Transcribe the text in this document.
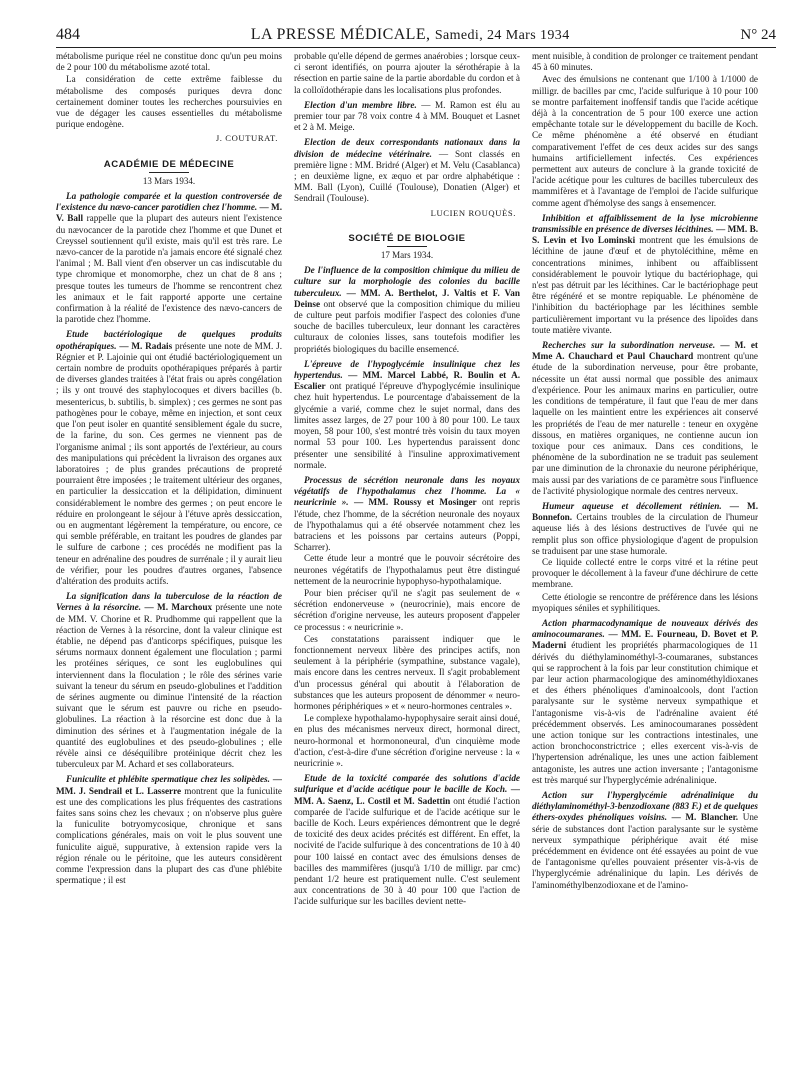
484	LA PRESSE MÉDICALE, Samedi, 24 Mars 1934	N° 24

métabolisme purique réel ne constitue donc qu'un peu moins de 2 pour 100 du métabolisme azoté total.

La considération de cette extrême faiblesse du métabolisme des composés puriques devra donc certainement dominer toutes les recherches poursuivies en vue de dégager les causes essentielles du métabolisme purique endogène.

J. COUTURAT.
ACADÉMIE DE MÉDECINE
13 Mars 1934.

La pathologie comparée et la question controversée de l'existence du nævo-cancer parotidien chez l'homme. — M. V. Ball rappelle que la plupart des auteurs nient l'existence du nævocancer de la parotide chez l'homme et que Dunet et Creyssel soutiennent qu'il existe, mais qu'il est très rare. Le nævo-cancer de la parotide n'a jamais encore été signalé chez l'animal ; M. Ball vient d'en observer un cas indiscutable du type chromique et monomorphe, chez un chat de 8 ans ; presque toutes les tumeurs de l'homme se rencontrent chez les animaux et le fait rapporté apporte une certaine confirmation à la réalité de l'existence des nævo-cancers de la parotide chez l'homme.

Etude bactériologique de quelques produits opothérapiques. — M. Radais présente une note de MM. J. Régnier et P. Lajoinie qui ont étudié bactériologiquement un certain nombre de produits opothérapiques préparés à partir de diverses glandes traitées à l'état frais ou après congélation ; ils y ont trouvé des staphylocoques et divers bacilles (b. mesentericus, b. subtilis, b. simplex) ; ces germes ne sont pas pathogènes pour le cobaye, même en injection, et sont ceux que l'on peut isoler en quantité sensiblement égale du sucre, de la farine, du son. Ces germes ne viennent pas de l'organisme animal ; ils sont apportés de l'extérieur, au cours des manipulations qui précèdent la livraison des organes aux laboratoires ; de plus grandes précautions de propreté pourraient être imposées ; le traitement ultérieur des organes, en particulier la dessiccation et la délipidation, diminuent considérablement le nombre des germes ; on peut encore le réduire en prolongeant le séjour à l'étuve après dessiccation, ou en augmentant légèrement la température, ou encore, ce qui semble préférable, en traitant les poudres de glandes par le sulfure de carbone ; ces procédés ne modifient pas la teneur en adrénaline des poudres de surrénale ; il y aurait lieu de vérifier, pour les poudres d'autres organes, l'absence d'altération des produits actifs.

La signification dans la tuberculose de la réaction de Vernes à la résorcine. — M. Marchoux présente une note de MM. V. Chorine et R. Prudhomme qui rappellent que la réaction de Vernes à la résorcine, dont la valeur clinique est établie, ne dépend pas d'anticorps spécifiques, puisque les sérums normaux donnent également une floculation ; parmi les protéines sériques, ce sont les euglobulines qui interviennent dans la floculation ; le rôle des sérines varie suivant la teneur du sérum en pseudo-globulines et l'addition de sérines augmente ou diminue l'intensité de la réaction suivant que le sérum est pauvre ou riche en pseudo-globulines. La réaction à la résorcine est donc due à la diminution des sérines et à l'augmentation inégale de la quantité des euglobulines et des pseudo-globulines ; elle révèle ainsi ce déséquilibre protéinique décrit chez les tuberculeux par M. Achard et ses collaborateurs.

Funiculite et phlébite spermatique chez les solipèdes. — MM. J. Sendrail et L. Lasserre montrent que la funiculite est une des complications les plus fréquentes des castrations faites sans soins chez les chevaux ; on n'observe plus guère la funiculite botryomycosique, chronique et sans complications générales, mais on voit le plus souvent une funiculite aiguë, suppurative, à extension rapide vers la région rénale ou le péritoine, que les auteurs considèrent comme l'expression dans la plupart des cas d'une phlébite spermatique ; il est

probable qu'elle dépend de germes anaérobies ; lorsque ceux-ci seront identifiés, on pourra ajouter la sérothérapie à la résection en partie saine de la partie abordable du cordon et à la colloïdothérapie dans les localisations plus profondes.

Election d'un membre libre. — M. Ramon est élu au premier tour par 78 voix contre 4 à MM. Bouquet et Lasnet et 2 à M. Meige.

Election de deux correspondants nationaux dans la division de médecine vétérinaire. — Sont classés en première ligne : MM. Bridré (Alger) et M. Velu (Casablanca) ; en deuxième ligne, ex æquo et par ordre alphabétique : MM. Ball (Lyon), Cuillé (Toulouse), Donatien (Alger) et Sendrail (Toulouse).

LUCIEN ROUQUÈS.
SOCIÉTÉ DE BIOLOGIE
17 Mars 1934.

De l'influence de la composition chimique du milieu de culture sur la morphologie des colonies du bacille tuberculeux. — MM. A. Berthelot, J. Valtis et F. Van Deinse ont observé que la composition chimique du milieu de culture peut parfois modifier l'aspect des colonies d'une souche de bacilles tuberculeux, leur donnant les caractères culturaux de colonies lisses, sans toutefois modifier les propriétés biologiques du bacille ensemencé.

L'épreuve de l'hypoglycémie insulinique chez les hypertendus. — MM. Marcel Labbé, R. Boulin et A. Escalier ont pratiqué l'épreuve d'hypoglycémie insulinique chez huit hypertendus. Le pourcentage d'abaissement de la glycémie a varié, comme chez le sujet normal, dans des limites assez larges, de 27 pour 100 à 80 pour 100. Le taux moyen, 58 pour 100, s'est montré très voisin du taux moyen normal 53 pour 100. Les hypertendus paraissent donc présenter une sensibilité à l'insuline approximativement normale.

Processus de sécrétion neuronale dans les noyaux végétatifs de l'hypothalamus chez l'homme. La « neuricrinie ». — MM. Roussy et Mosinger ont repris l'étude, chez l'homme, de la sécrétion neuronale des noyaux de l'hypothalamus qui a été observée notamment chez les batraciens et les poissons par certains auteurs (Poppi, Scharrer).

Cette étude leur a montré que le pouvoir sécrétoire des neurones végétatifs de l'hypothalamus peut être distingué nettement de la neurocrinie hypophyso-hypothalamique.

Pour bien préciser qu'il ne s'agit pas seulement de « sécrétion endonerveuse » (neurocrinie), mais encore de sécrétion d'origine nerveuse, les auteurs proposent d'appeler ce processus : « neuricrinie ».

Ces constatations paraissent indiquer que le fonctionnement nerveux libère des principes actifs, non seulement à la périphérie (sympathine, substance vagale), mais encore dans les centres nerveux. Il s'agit probablement d'un processus général qui aboutit à l'élaboration de substances que les auteurs proposent de dénommer « neuro-hormones périphériques » et « neuro-hormones centrales ».

Le complexe hypothalamo-hypophysaire serait ainsi doué, en plus des mécanismes nerveux direct, hormonal direct, neuro-hormonal et hormononeural, d'un cinquième mode d'action, c'est-à-dire d'une sécrétion d'origine nerveuse : la « neuricrinie ».

Etude de la toxicité comparée des solutions d'acide sulfurique et d'acide acétique pour le bacille de Koch. — MM. A. Saenz, L. Costil et M. Sadettin ont étudié l'action comparée de l'acide sulfurique et de l'acide acétique sur le bacille de Koch. Leurs expériences démontrent que le degré de toxicité des deux acides précités est différent. En effet, la nocivité de l'acide sulfurique à des concentrations de 10 à 40 pour 100 laissé en contact avec des émulsions denses de bacilles des mammifères (jusqu'à 1/10 de milligr. par cmc) pendant 1/2 heure est pratiquement nulle. C'est seulement aux concentrations de 30 à 40 pour 100 que l'action de l'acide sulfurique sur les bacilles devient nette-

ment nuisible, à condition de prolonger ce traitement pendant 45 à 60 minutes.

Avec des émulsions ne contenant que 1/100 à 1/1000 de milligr. de bacilles par cmc, l'acide sulfurique à 10 pour 100 se montre parfaitement inoffensif tandis que l'acide acétique déjà à la concentration de 5 pour 100 exerce une action empêchante totale sur le développement du bacille de Koch. Ce même phénomène a été observé en étudiant comparativement l'effet de ces deux acides sur des sangs humains artificiellement infectés. Ces expériences permettent aux auteurs de conclure à la grande toxicité de l'acide acétique pour les cultures de bacilles tuberculeux des mammifères et à l'avantage de l'emploi de l'acide sulfurique comme agent d'hémolyse des sangs à ensemencer.

Inhibition et affaiblissement de la lyse microbienne transmissible en présence de diverses lécithines. — MM. B. S. Levin et Ivo Lominski montrent que les émulsions de lécithine de jaune d'œuf et de phytolécithine, même en concentrations minimes, inhibent ou affaiblissent considérablement le pouvoir lytique du bactériophage, qui n'est pas détruit par les lécithines. Car le bactériophage peut être régénéré et se montre repiquable. Le phénomène de l'inhibition du bactériophage par les lécithines semble particulièrement important vu la présence des lipoïdes dans toute matière vivante.

Recherches sur la subordination nerveuse. — M. et Mme A. Chauchard et Paul Chauchard montrent qu'une étude de la subordination nerveuse, pour être probante, nécessite un état aussi normal que possible des animaux d'expérience. Pour les animaux marins en particulier, outre les conditions de température, il faut que l'eau de mer dans laquelle on les maintient entre les expériences ait conservé les propriétés de l'eau de mer naturelle : teneur en oxygène dissous, en matières organiques, ne contienne aucun ion toxique pour ces animaux. Dans ces conditions, le phénomène de la subordination ne se traduit pas seulement par une diminution de la chronaxie du neurone périphérique, mais aussi par des variations de ce paramètre sous l'influence de l'activité physiologique normale des centres nerveux.

Humeur aqueuse et décollement rétinien. — M. Bonnefon. Certains troubles de la circulation de l'humeur aqueuse liés à des lésions destructives de l'uvée qui ne remplit plus son office physiologique d'agent de propulsion se traduisent par une stase humorale.

Ce liquide collecté entre le corps vitré et la rétine peut provoquer le décollement à la faveur d'une déchirure de cette membrane.

Cette étiologie se rencontre de préférence dans les lésions myopiques séniles et syphilitiques.

Action pharmacodynamique de nouveaux dérivés des aminocoumaranes. — MM. E. Fourneau, D. Bovet et P. Maderni étudient les propriétés pharmacologiques de 11 dérivés du diéthylaminométhyl-3-coumaranes, substances qui se rapprochent à la fois par leur constitution chimique et par leur action pharmacologique des aminométhyldioxanes et des éthers phénoliques d'aminoalcools, dont l'action paralysante sur le système nerveux sympathique et l'antagonisme vis-à-vis de l'adrénaline avaient été précédemment observés. Les aminocoumaranes possèdent une action tonique sur les contractions intestinales, une action bronchoconstrictrice ; elles exercent vis-à-vis de l'hypertension adrénalique, les unes une action faiblement antagoniste, les autres une action inversante ; l'antagonisme est très marqué sur l'hyperglycémie adrénalinique.

Action sur l'hyperglycémie adrénalinique du diéthylaminométhyl-3-benzodioxane (883 F.) et de quelques éthers-oxydes phénoliques voisins. — M. Blancher. Une série de substances dont l'action paralysante sur le système nerveux sympathique périphérique avait été mise précédemment en évidence ont été essayées au point de vue de l'antagonisme qu'elles pouvaient présenter vis-à-vis de l'hyperglycémie adrénalinique du lapin. Les dérivés de l'aminométhylbenzodioxane et de l'amino-
